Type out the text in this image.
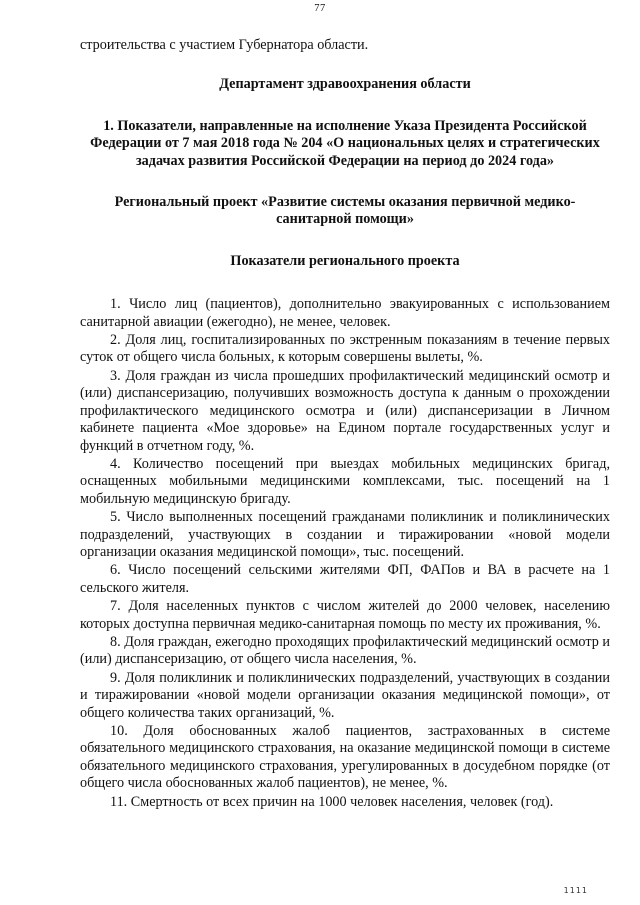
77

строительства с участием Губернатора области.

Департамент здравоохранения области

1. Показатели, направленные на исполнение Указа Президента Российской Федерации от 7 мая 2018 года № 204 «О национальных целях и стратегических задачах развития Российской Федерации на период до 2024 года»

Региональный проект «Развитие системы оказания первичной медико-санитарной помощи»

Показатели регионального проекта

1. Число лиц (пациентов), дополнительно эвакуированных с использованием санитарной авиации (ежегодно), не менее, человек.

2. Доля лиц, госпитализированных по экстренным показаниям в течение первых суток от общего числа больных, к которым совершены вылеты, %.

3. Доля граждан из числа прошедших профилактический медицинский осмотр и (или) диспансеризацию, получивших возможность доступа к данным о прохождении профилактического медицинского осмотра и (или) диспансеризации в Личном кабинете пациента «Мое здоровье» на Едином портале государственных услуг и функций в отчетном году, %.

4. Количество посещений при выездах мобильных медицинских бригад, оснащенных мобильными медицинскими комплексами, тыс. посещений на 1 мобильную медицинскую бригаду.

5. Число выполненных посещений гражданами поликлиник и поликлинических подразделений, участвующих в создании и тиражировании «новой модели организации оказания медицинской помощи», тыс. посещений.

6. Число посещений сельскими жителями ФП, ФАПов и ВА в расчете на 1 сельского жителя.

7. Доля населенных пунктов с числом жителей до 2000 человек, населению которых доступна первичная медико-санитарная помощь по месту их проживания, %.

8. Доля граждан, ежегодно проходящих профилактический медицинский осмотр и (или) диспансеризацию, от общего числа населения, %.

9. Доля поликлиник и поликлинических подразделений, участвующих в создании и тиражировании «новой модели организации оказания медицинской помощи», от общего количества таких организаций, %.

10. Доля обоснованных жалоб пациентов, застрахованных в системе обязательного медицинского страхования, на оказание медицинской помощи в системе обязательного медицинского страхования, урегулированных в досудебном порядке (от общего числа обоснованных жалоб пациентов), не менее, %.

11. Смертность от всех причин на 1000 человек населения, человек (год).

1111
